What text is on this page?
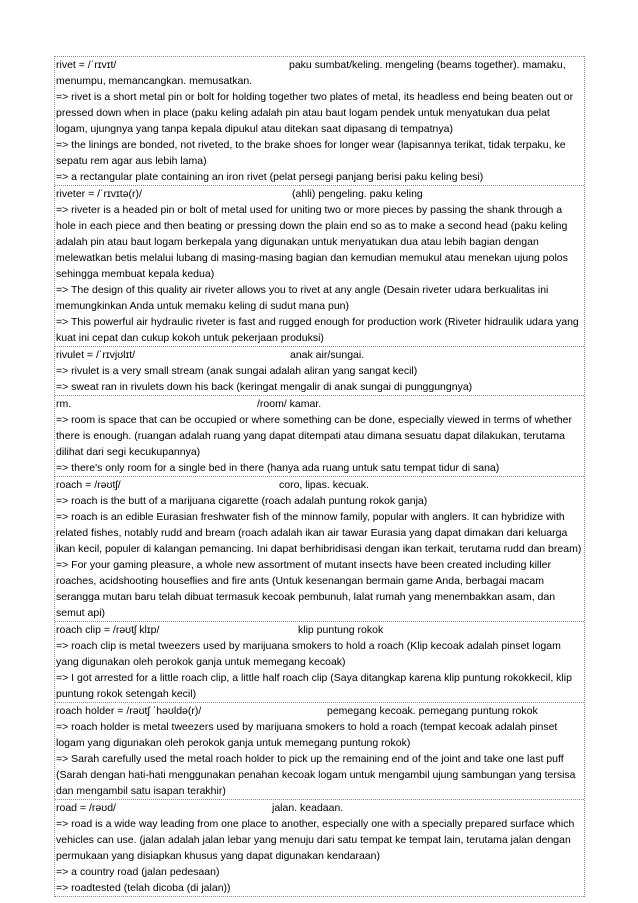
rivet = /ˈrɪvɪt/	paku sumbat/keling. mengeling (beams together). mamaku, menumpu, memancangkan. memusatkan.
=> rivet is a short metal pin or bolt for holding together two plates of metal, its headless end being beaten out or pressed down when in place (paku keling adalah pin atau baut logam pendek untuk menyatukan dua pelat logam, ujungnya yang tanpa kepala dipukul atau ditekan saat dipasang di tempatnya)
=> the linings are bonded, not riveted, to the brake shoes for longer wear (lapisannya terikat, tidak terpaku, ke sepatu rem agar aus lebih lama)
=> a rectangular plate containing an iron rivet (pelat persegi panjang berisi paku keling besi)
riveter = /ˈrɪvɪtə(r)/	(ahli) pengeling. paku keling
=> riveter is a headed pin or bolt of metal used for uniting two or more pieces by passing the shank through a hole in each piece and then beating or pressing down the plain end so as to make a second head (paku keling adalah pin atau baut logam berkepala yang digunakan untuk menyatukan dua atau lebih bagian dengan melewatkan betis melalui lubang di masing-masing bagian dan kemudian memukul atau menekan ujung polos sehingga membuat kepala kedua)
=> The design of this quality air riveter allows you to rivet at any angle (Desain riveter udara berkualitas ini memungkinkan Anda untuk memaku keling di sudut mana pun)
=> This powerful air hydraulic riveter is fast and rugged enough for production work (Riveter hidraulik udara yang kuat ini cepat dan cukup kokoh untuk pekerjaan produksi)
rivulet = /ˈrɪvjʊlɪt/	anak air/sungai.
=> rivulet is a very small stream (anak sungai adalah aliran yang sangat kecil)
=> sweat ran in rivulets down his back (keringat mengalir di anak sungai di punggungnya)
rm.	/room/ kamar.
=> room is space that can be occupied or where something can be done, especially viewed in terms of whether there is enough. (ruangan adalah ruang yang dapat ditempati atau dimana sesuatu dapat dilakukan, terutama dilihat dari segi kecukupannya)
=> there's only room for a single bed in there (hanya ada ruang untuk satu tempat tidur di sana)
roach = /rəʊtʃ/	coro, lipas. kecuak.
=> roach is the butt of a marijuana cigarette (roach adalah puntung rokok ganja)
=> roach is an edible Eurasian freshwater fish of the minnow family, popular with anglers. It can hybridize with related fishes, notably rudd and bream (roach adalah ikan air tawar Eurasia yang dapat dimakan dari keluarga ikan kecil, populer di kalangan pemancing. Ini dapat berhibridisasi dengan ikan terkait, terutama rudd dan bream)
=> For your gaming pleasure, a whole new assortment of mutant insects have been created including killer roaches, acidshooting houseflies and fire ants (Untuk kesenangan bermain game Anda, berbagai macam serangga mutan baru telah dibuat termasuk kecoak pembunuh, lalat rumah yang menembakkan asam, dan semut api)
roach clip = /rəʊtʃ klɪp/	klip puntung rokok
=> roach clip is metal tweezers used by marijuana smokers to hold a roach (Klip kecoak adalah pinset logam yang digunakan oleh perokok ganja untuk memegang kecoak)
=> I got arrested for a little roach clip, a little half roach clip (Saya ditangkap karena klip puntung rokokkecil, klip puntung rokok setengah kecil)
roach holder = /rəʊtʃ ˈhəʊldə(r)/	pemegang kecoak. pemegang puntung rokok
=> roach holder is metal tweezers used by marijuana smokers to hold a roach (tempat kecoak adalah pinset logam yang digunakan oleh perokok ganja untuk memegang puntung rokok)
=> Sarah carefully used the metal roach holder to pick up the remaining end of the joint and take one last puff (Sarah dengan hati-hati menggunakan penahan kecoak logam untuk mengambil ujung sambungan yang tersisa dan mengambil satu isapan terakhir)
road = /rəʊd/	jalan. keadaan.
=> road is a wide way leading from one place to another, especially one with a specially prepared surface which vehicles can use. (jalan adalah jalan lebar yang menuju dari satu tempat ke tempat lain, terutama jalan dengan permukaan yang disiapkan khusus yang dapat digunakan kendaraan)
=> a country road (jalan pedesaan)
=> roadtested (telah dicoba (di jalan))
